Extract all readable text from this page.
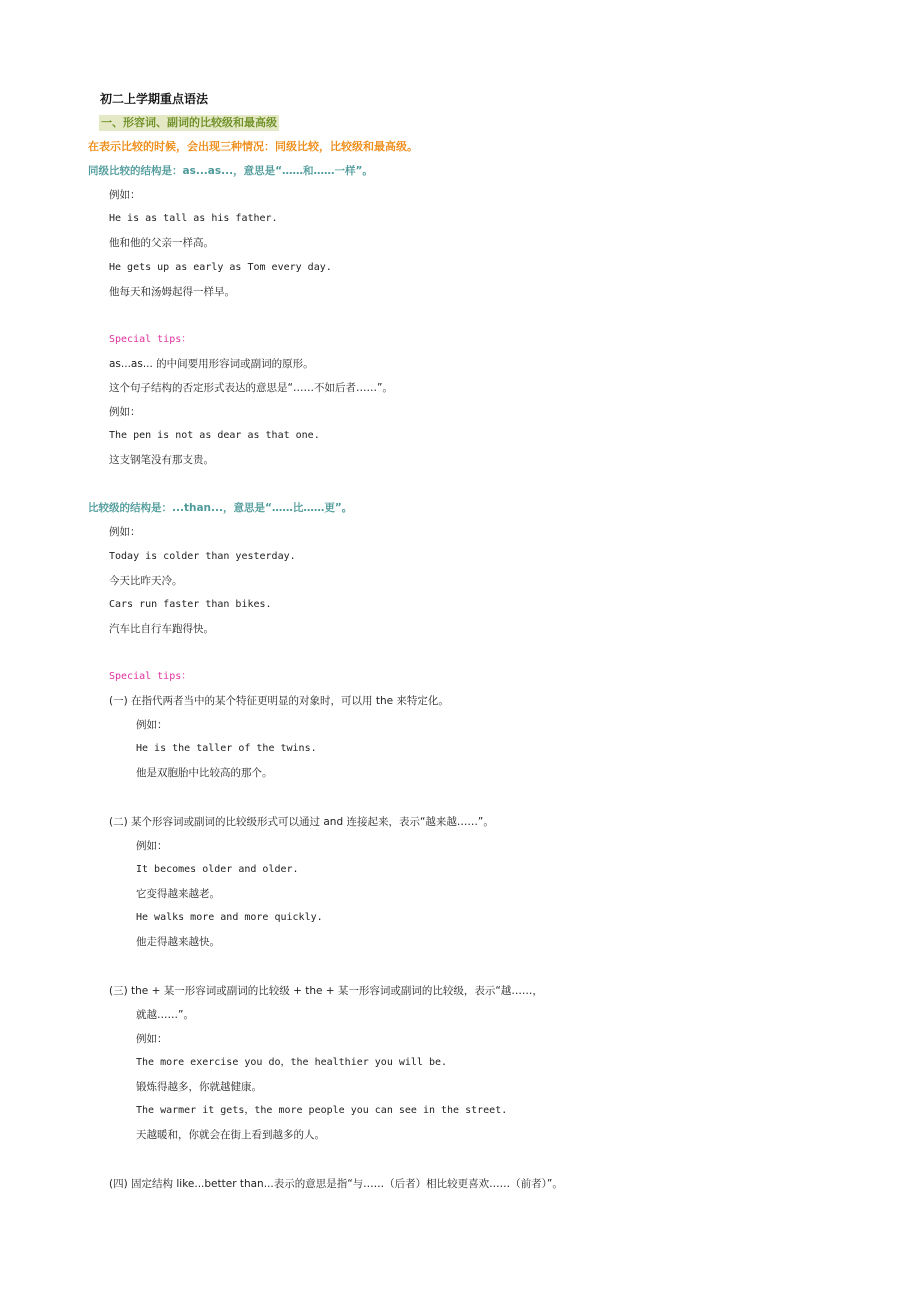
初二上学期重点语法
一、形容词、副词的比较级和最高级
在表示比较的时候，会出现三种情况：同级比较，比较级和最高级。
同级比较的结构是：as...as...，意思是“……和……一样”。
例如：
He is as tall as his father.
他和他的父亲一样高。
He gets up as early as Tom every day.
他每天和汤姆起得一样早。
Special tips：
as...as... 的中间要用形容词或副词的原形。
这个句子结构的否定形式表达的意思是“……不如后者……”。
例如：
The pen is not as dear as that one.
这支钢笔没有那支贵。
比较级的结构是：...than...，意思是“……比……更”。
例如：
Today is colder than yesterday.
今天比昨天冷。
Cars run faster than bikes.
汽车比自行车跑得快。
Special tips：
(一) 在指代两者当中的某个特征更明显的对象时，可以用 the 来特定化。
例如：
He is the taller of the twins.
他是双胞胎中比较高的那个。
(二) 某个形容词或副词的比较级形式可以通过 and 连接起来，表示“越来越……”。
例如：
It becomes older and older.
它变得越来越老。
He walks more and more quickly.
他走得越来越快。
(三) the + 某一形容词或副词的比较级 + the + 某一形容词或副词的比较级，表示“越……，
就越……”。
例如：
The more exercise you do，the healthier you will be.
锻炼得越多，你就越健康。
The warmer it gets，the more people you can see in the street.
天越暖和，你就会在街上看到越多的人。
(四) 固定结构 like...better than...表示的意思是指“与……（后者）相比较更喜欢……（前者）”。
